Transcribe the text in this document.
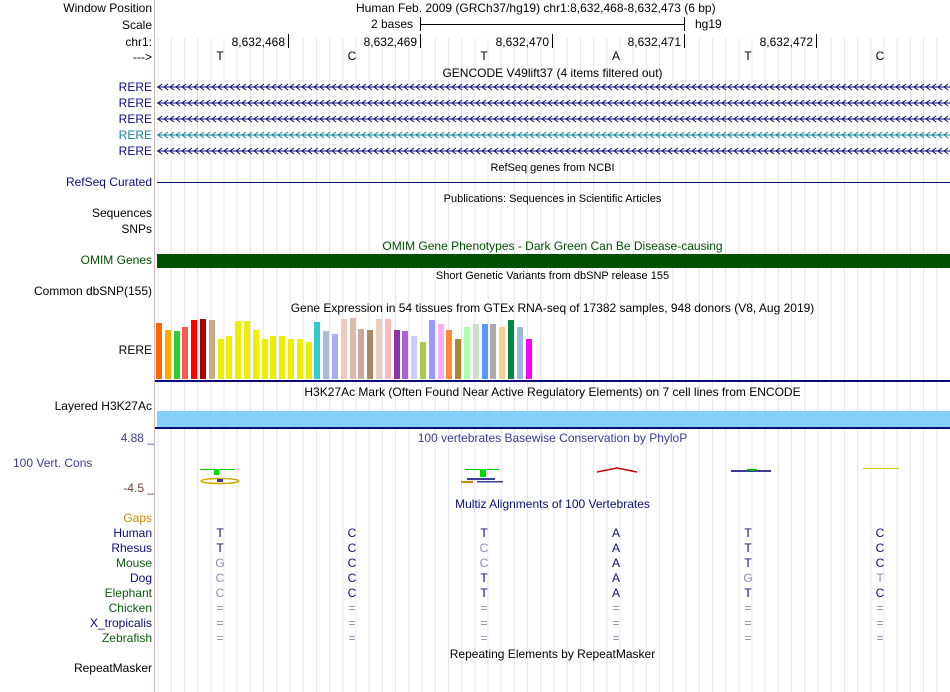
Window Position	Human Feb. 2009 (GRCh37/hg19) chr1:8,632,468-8,632,473 (6 bp)
Scale	2 bases	hg19
chr1:	8,632,468	8,632,469	8,632,470	8,632,471	8,632,472
--->	T	C	T	A	T	C
GENCODE V49lift37 (4 items filtered out)
RERE
RERE
RERE
RERE
RERE
RefSeq genes from NCBI
RefSeq Curated
Publications: Sequences in Scientific Articles
Sequences
SNPs
OMIM Gene Phenotypes - Dark Green Can Be Disease-causing
OMIM Genes
Short Genetic Variants from dbSNP release 155
Common dbSNP(155)
Gene Expression in 54 tissues from GTEx RNA-seq of 17382 samples, 948 donors (V8, Aug 2019)
RERE
H3K27Ac Mark (Often Found Near Active Regulatory Elements) on 7 cell lines from ENCODE
Layered H3K27Ac
100 vertebrates Basewise Conservation by PhyloP
4.88 _
100 Vert. Cons
-4.5 _
Multiz Alignments of 100 Vertebrates
Gaps
Human	T	C	T	A	T	C
Rhesus	T	C	C	A	T	C
Mouse	G	C	C	A	T	C
Dog	C	C	T	A	G	T
Elephant	C	C	T	A	T	C
Chicken	=	=	=	=	=	=
X_tropicalis	=	=	=	=	=	=
Zebrafish	=	=	=	=	=	=
Repeating Elements by RepeatMasker
RepeatMasker
